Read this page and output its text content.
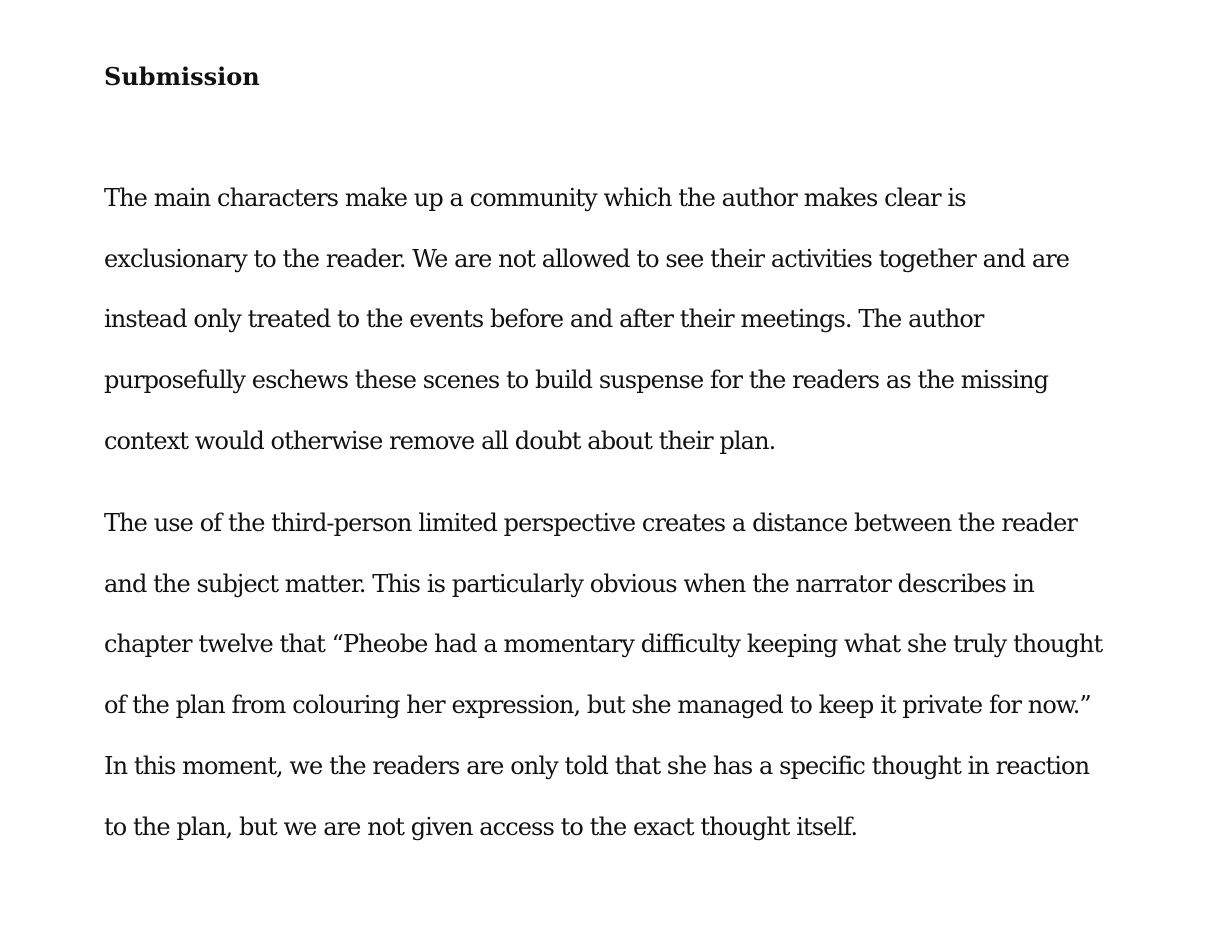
Submission

The main characters make up a community which the author makes clear is
exclusionary to the reader. We are not allowed to see their activities together and are
instead only treated to the events before and after their meetings. The author
purposefully eschews these scenes to build suspense for the readers as the missing
context would otherwise remove all doubt about their plan.

The use of the third-person limited perspective creates a distance between the reader
and the subject matter. This is particularly obvious when the narrator describes in
chapter twelve that “Pheobe had a momentary difficulty keeping what she truly thought
of the plan from colouring her expression, but she managed to keep it private for now.”
In this moment, we the readers are only told that she has a specific thought in reaction
to the plan, but we are not given access to the exact thought itself.
